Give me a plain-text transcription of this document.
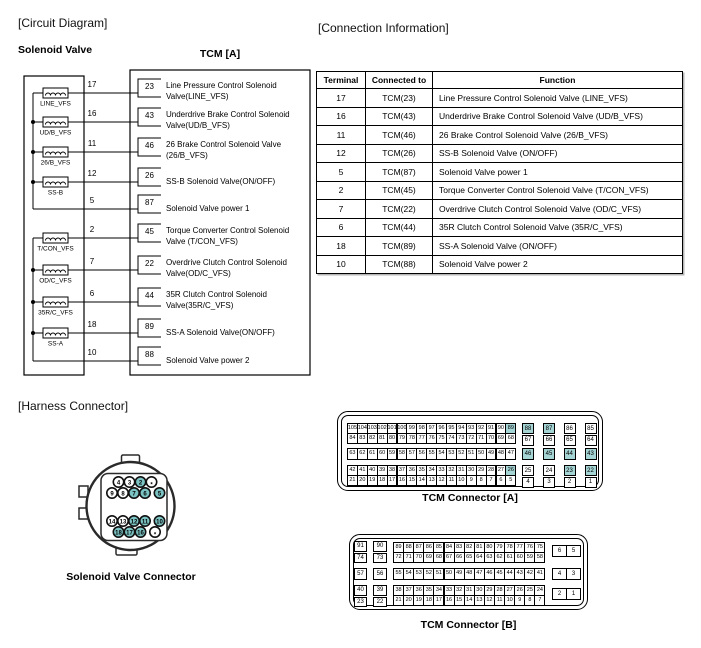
[Circuit Diagram]	[Connection Information]
[Harness Connector]
Solenoid Valve	TCM [A]
17	23 Line Pressure Control Solenoid
Valve(LINE_VFS)
LINE_VFS
16	43 Underdrive Brake Control Solenoid
Valve(UD/B_VFS)
UD/B_VFS
11	46 26 Brake Control Solenoid Valve
(26/B_VFS)
26/B_VFS
12	26
SS-B Solenoid Valve(ON/OFF)
SS-B
5	87
Solenoid Valve power 1
2	45 Torque Converter Control Solenoid
Valve (T/CON_VFS)
T/CON_VFS
7	22 Overdrive Clutch Control Solenoid
Valve(OD/C_VFS)
OD/C_VFS
6	44 35R Clutch Control Solenoid
Valve(35R/C_VFS)
35R/C_VFS
18	89
SS-A Solenoid Valve(ON/OFF)
SS-A
10	88
Solenoid Valve power 2
Terminal	Connected to	Function
17	TCM(23)	Line Pressure Control Solenoid Valve (LINE_VFS)
16	TCM(43)	Underdrive Brake Control Solenoid Valve (UD/B_VFS)
11	TCM(46)	26 Brake Control Solenoid Valve (26/B_VFS)
12	TCM(26)	SS-B Solenoid Valve (ON/OFF)
5	TCM(87)	Solenoid Valve power 1
2	TCM(45)	Torque Converter Control Solenoid Valve (T/CON_VFS)
7	TCM(22)	Overdrive Clutch Control Solenoid Valve (OD/C_VFS)
6	TCM(44)	35R Clutch Control Solenoid Valve (35R/C_VFS)
18	TCM(89)	SS-A Solenoid Valve (ON/OFF)
10	TCM(88)	Solenoid Valve power 2
4 3 2 *
9 8 7 6 5
14 13 12 11 10
18 17 16 *
Solenoid Valve Connector
105 104 103 102 101 100 99 98 97 96 95 94 93 92 91 90 89
84 83 82 81 80 79 78 77 76 75 74 73 72 71 70 69 68
63 62 61 60 59 58 57 56 55 54 53 52 51 50 49 48 47
42 41 40 39 38 37 36 35 34 33 32 31 30 29 28 27 26
21 20 19 18 17 16 15 14 13 12 11 10 9	8	7	6	5
88	87	86	85
67	66	65	64
46	45	44	43
25	24	23	22
4	3	2	1
TCM Connector [A]
91
74
57
40
23
90
73
56
39
22
89 88 87 86 85 84 83 82 81 80 79 78 77 76 75
72 71 70 69 68 67 66 65 64 63 62 61 60 59 58
55 54 53 52 51 50 49 48 47 46 45 44 43 42 41
38 37 36 35 34 33 32 31 30 29 28 27 26 25 24
21 20 19 18 17 16 15 14 13 12 11 10	9	8	7
6	5
4	3
2	1
TCM Connector [B]
